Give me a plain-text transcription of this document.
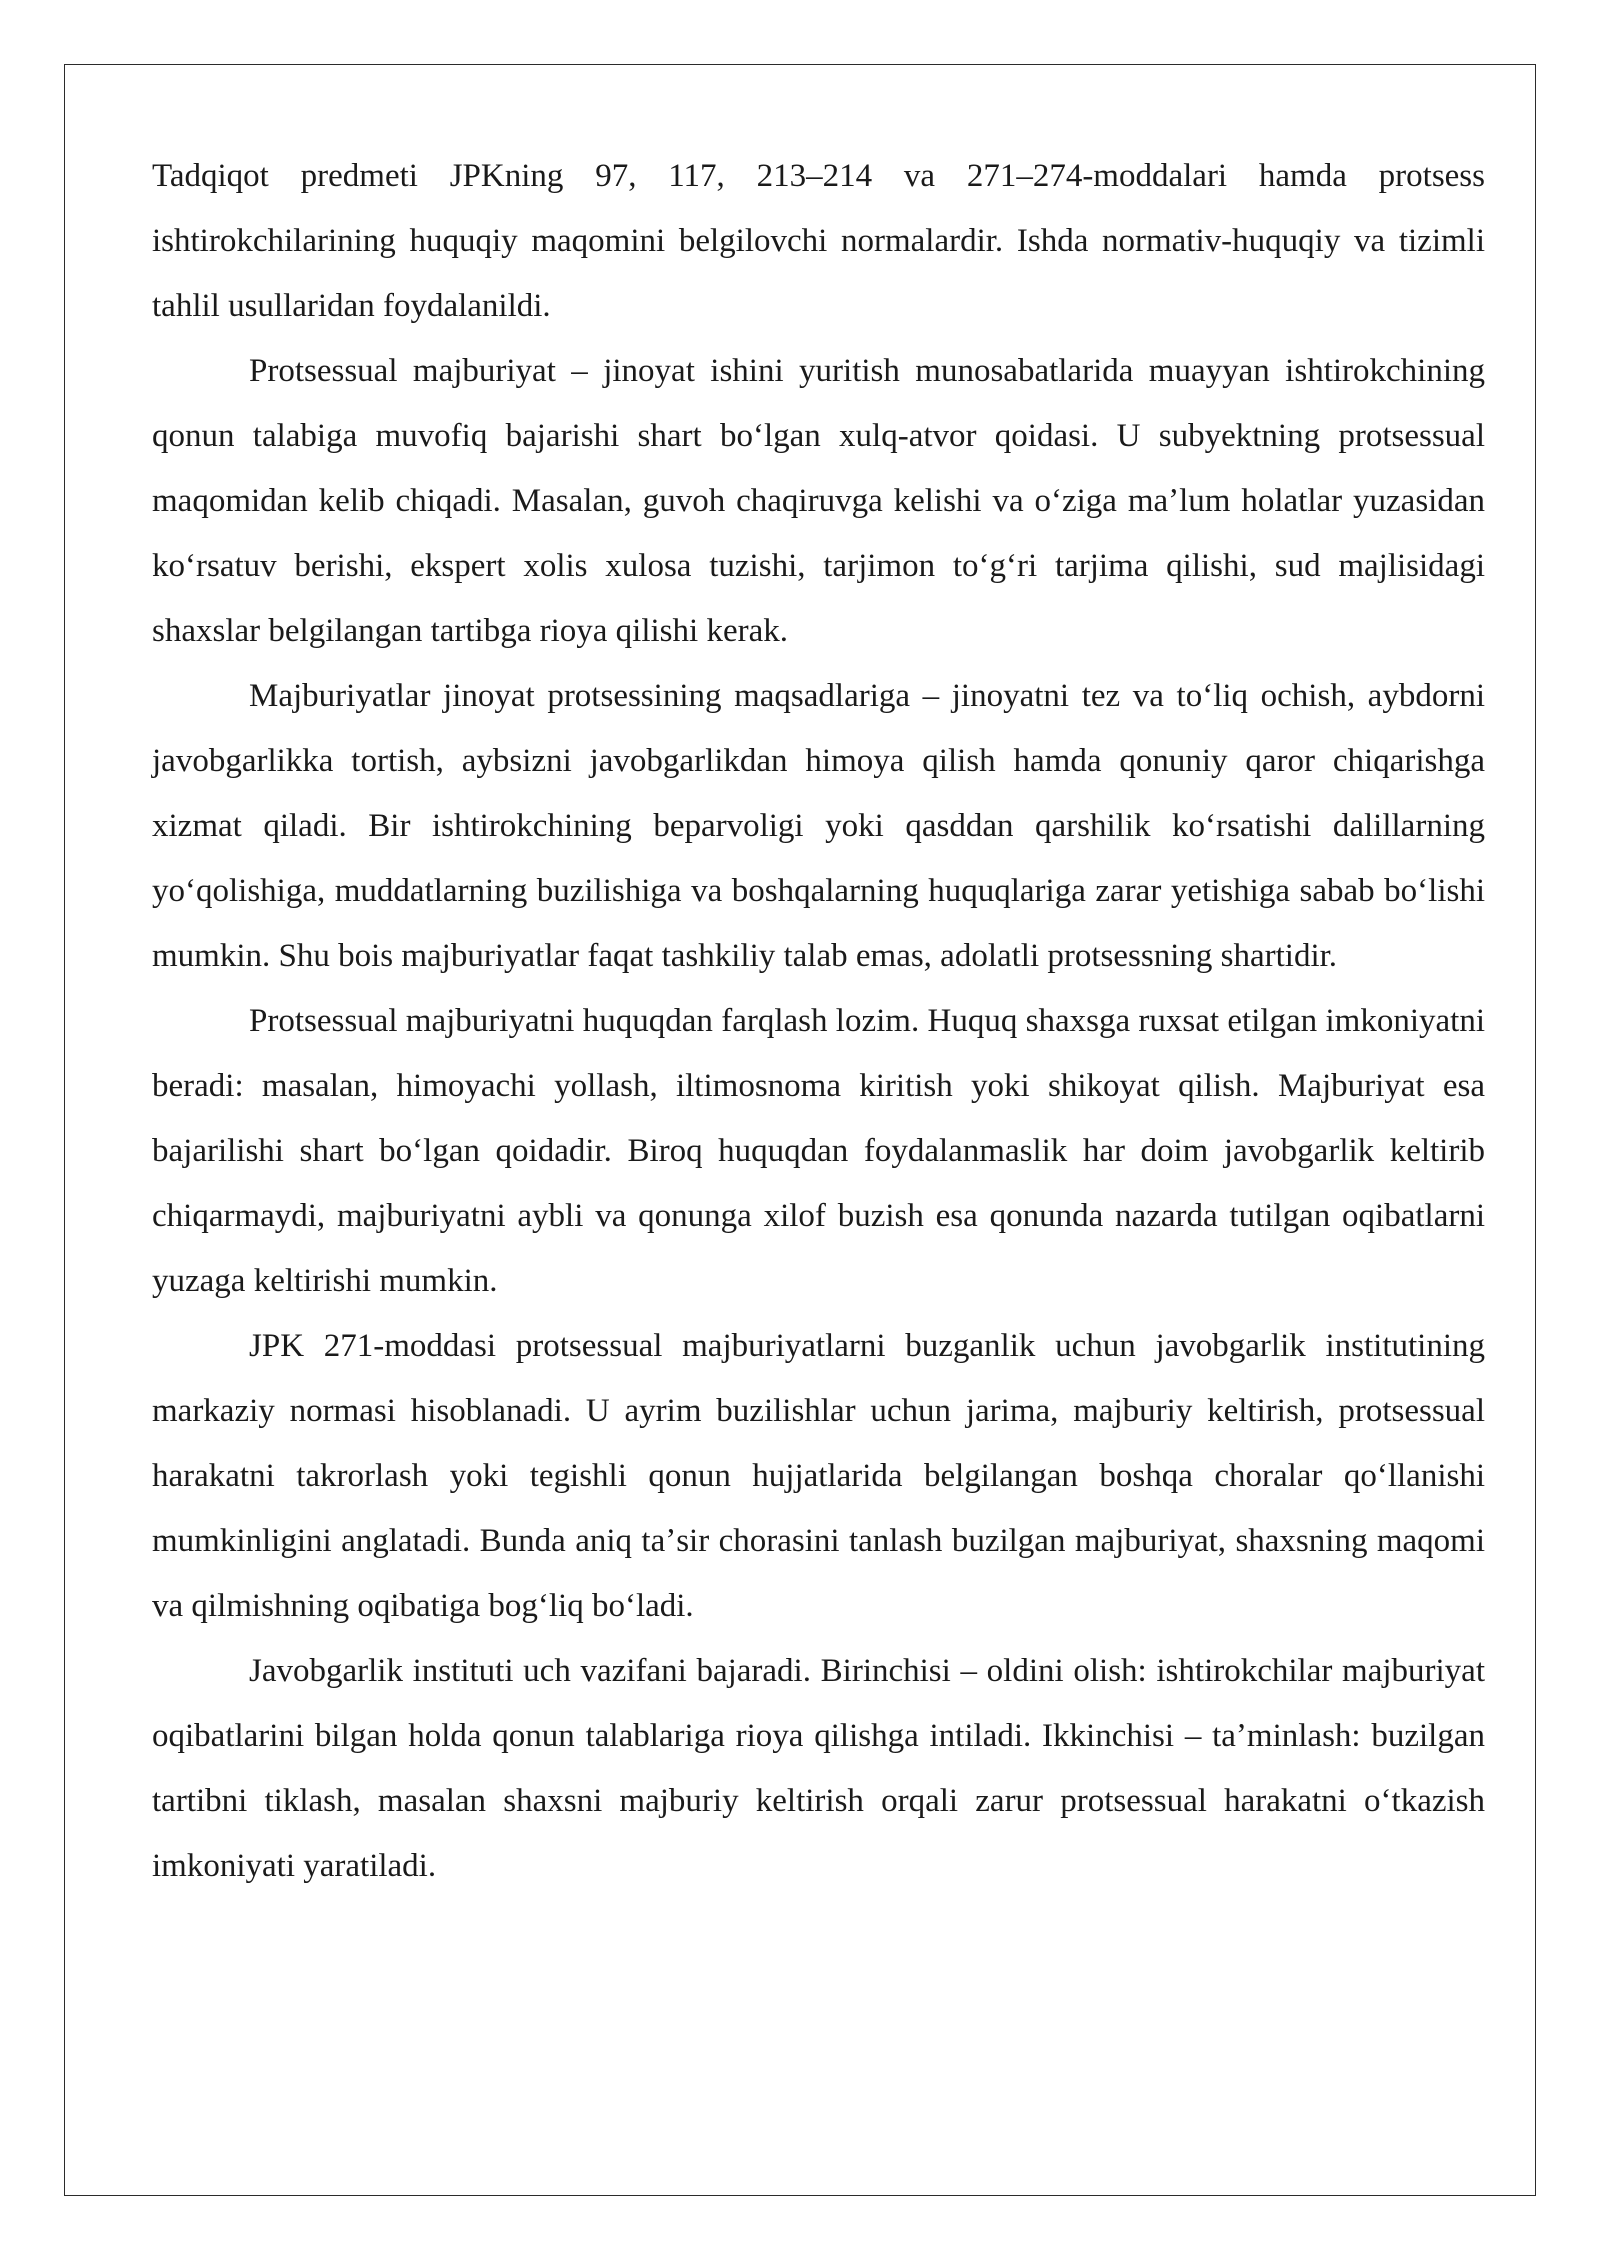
Tadqiqot predmeti JPKning 97, 117, 213–214 va 271–274-moddalari hamda protsess ishtirokchilarining huquqiy maqomini belgilovchi normalardir. Ishda normativ-huquqiy va tizimli tahlil usullaridan foydalanildi.

Protsessual majburiyat – jinoyat ishini yuritish munosabatlarida muayyan ishtirokchining qonun talabiga muvofiq bajarishi shart boʻlgan xulq-atvor qoidasi. U subyektning protsessual maqomidan kelib chiqadi. Masalan, guvoh chaqiruvga kelishi va oʻziga maʼlum holatlar yuzasidan koʻrsatuv berishi, ekspert xolis xulosa tuzishi, tarjimon toʻgʻri tarjima qilishi, sud majlisidagi shaxslar belgilangan tartibga rioya qilishi kerak.

Majburiyatlar jinoyat protsessining maqsadlariga – jinoyatni tez va toʻliq ochish, aybdorni javobgarlikka tortish, aybsizni javobgarlikdan himoya qilish hamda qonuniy qaror chiqarishga xizmat qiladi. Bir ishtirokchining beparvoligi yoki qasddan qarshilik koʻrsatishi dalillarning yoʻqolishiga, muddatlarning buzilishiga va boshqalarning huquqlariga zarar yetishiga sabab boʻlishi mumkin. Shu bois majburiyatlar faqat tashkiliy talab emas, adolatli protsessning shartidir.

Protsessual majburiyatni huquqdan farqlash lozim. Huquq shaxsga ruxsat etilgan imkoniyatni beradi: masalan, himoyachi yollash, iltimosnoma kiritish yoki shikoyat qilish. Majburiyat esa bajarilishi shart boʻlgan qoidadir. Biroq huquqdan foydalanmaslik har doim javobgarlik keltirib chiqarmaydi, majburiyatni aybli va qonunga xilof buzish esa qonunda nazarda tutilgan oqibatlarni yuzaga keltirishi mumkin.

JPK 271-moddasi protsessual majburiyatlarni buzganlik uchun javobgarlik institutining markaziy normasi hisoblanadi. U ayrim buzilishlar uchun jarima, majburiy keltirish, protsessual harakatni takrorlash yoki tegishli qonun hujjatlarida belgilangan boshqa choralar qoʻllanishi mumkinligini anglatadi. Bunda aniq taʼsir chorasini tanlash buzilgan majburiyat, shaxsning maqomi va qilmishning oqibatiga bogʻliq boʻladi.

Javobgarlik instituti uch vazifani bajaradi. Birinchisi – oldini olish: ishtirokchilar majburiyat oqibatlarini bilgan holda qonun talablariga rioya qilishga intiladi. Ikkinchisi – taʼminlash: buzilgan tartibni tiklash, masalan shaxsni majburiy keltirish orqali zarur protsessual harakatni oʻtkazish imkoniyati yaratiladi.
